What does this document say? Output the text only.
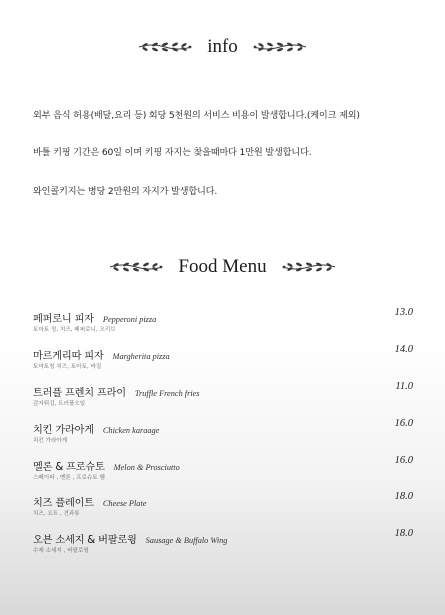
info
외부 음식 허용(배달,요리 등) 회당 5천원의 서비스 비용이 발생합니다.(케이크 제외)
바틀 키핑 기간은 60일 이며 키핑 자지는 찾을때마다 1만원 발생합니다.
와인콜키지는 병당 2만원의 자지가 발생합니다.
Food Menu
페퍼로니 피자 Pepperoni pizza
13.0
토마토 칭, 치즈, 페퍼로니, 오리브
마르게리따 피자 Margherita pizza
14.0
토마토칭 치즈, 토마토, 바질
트러플 프렌치 프라이 Truffle French fries
11.0
감자튀김, 트러플오일
치킨 가라아게 Chicken karaage
16.0
치킨 가라아게
멜론 & 프로슈토 Melon & Prosciutto
16.0
스페이파 , 멘론 , 프로슈토 햄
치즈 플레이트 Cheese Plate
18.0
치즈, 요트 , 견과류
오븐 소세지 & 버팔로윙 Sausage & Buffalo Wing
18.0
수제 소세지 , 버팔로윙
